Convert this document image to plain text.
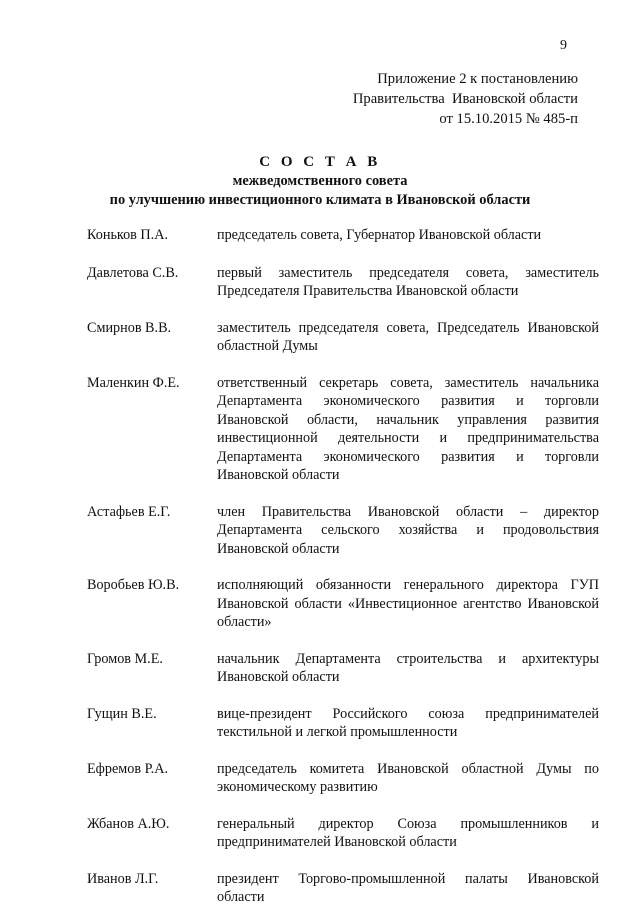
9
Приложение 2 к постановлению
Правительства  Ивановской области
от 15.10.2015 № 485-п
С О С Т А В
межведомственного совета
по улучшению инвестиционного климата в Ивановской области
Коньков П.А.	председатель совета, Губернатор Ивановской области
Давлетова С.В.	первый заместитель председателя совета, заместитель Председателя Правительства Ивановской области
Смирнов В.В.	заместитель председателя совета, Председатель Ивановской областной Думы
Маленкин Ф.Е.	ответственный секретарь совета, заместитель начальника Департамента экономического развития и торговли Ивановской области, начальник управления развития инвестиционной деятельности и предпринимательства Департамента экономического развития и торговли Ивановской области
Астафьев Е.Г.	член Правительства Ивановской области – директор Департамента сельского хозяйства и продовольствия Ивановской области
Воробьев Ю.В.	исполняющий обязанности генерального директора ГУП Ивановской области «Инвестиционное агентство Ивановской области»
Громов М.Е.	начальник Департамента строительства и архитектуры Ивановской области
Гущин В.Е.	вице-президент Российского союза предпринимателей текстильной и легкой промышленности
Ефремов Р.А.	председатель комитета Ивановской областной Думы по экономическому развитию
Жбанов А.Ю.	генеральный директор Союза промышленников и предпринимателей Ивановской области
Иванов Л.Г.	президент Торгово-промышленной палаты Ивановской области
